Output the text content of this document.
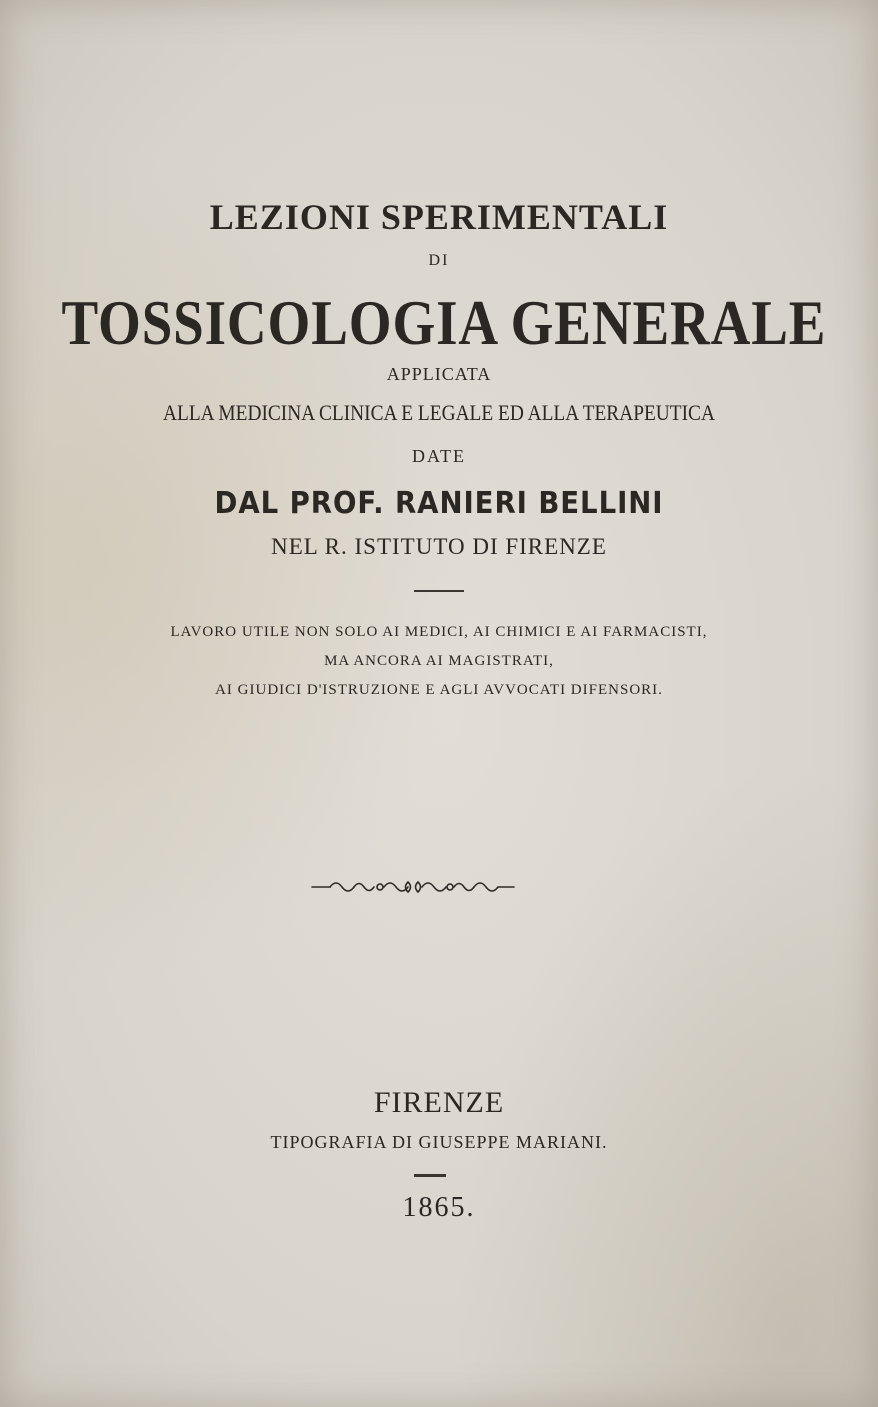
LEZIONI SPERIMENTALI
DI
TOSSICOLOGIA GENERALE
APPLICATA
ALLA MEDICINA CLINICA E LEGALE ED ALLA TERAPEUTICA
DATE
DAL PROF. RANIERI BELLINI
NEL R. ISTITUTO DI FIRENZE
LAVORO UTILE NON SOLO AI MEDICI, AI CHIMICI E AI FARMACISTI,
MA ANCORA AI MAGISTRATI,
AI GIUDICI D'ISTRUZIONE E AGLI AVVOCATI DIFENSORI.
FIRENZE
TIPOGRAFIA DI GIUSEPPE MARIANI.
1865.
